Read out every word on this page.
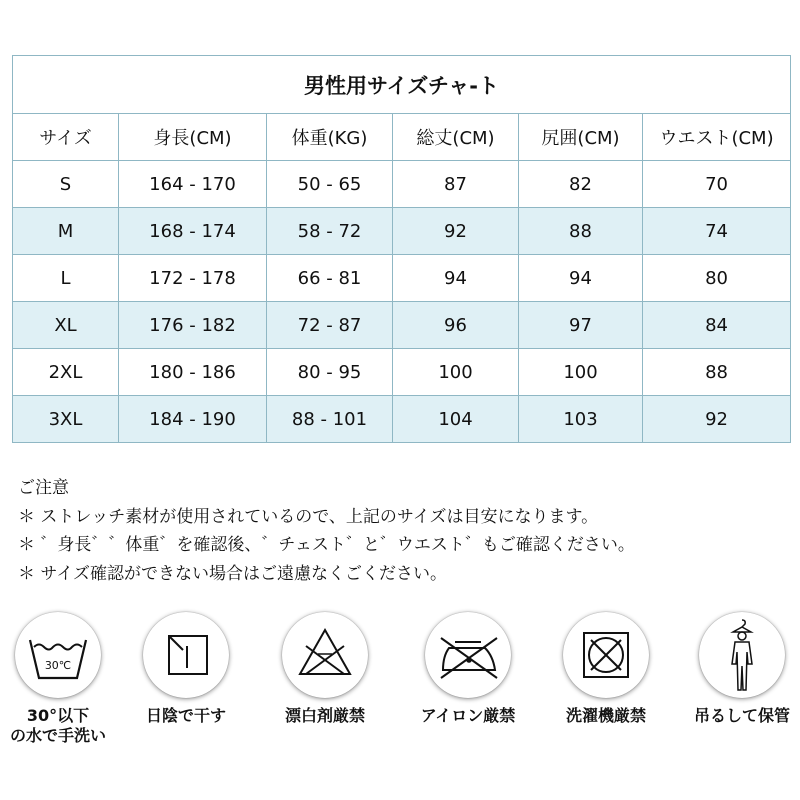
男性用サイズチャ-ト					
サイズ	身長(CM)	体重(KG)	総丈(CM)	尻囲(CM)	ウエスト(CM)
S	164 - 170	50 - 65	87	82	70
M	168 - 174	58 - 72	92	88	74
L	172 - 178	66 - 81	94	94	80
XL	176 - 182	72 - 87	96	97	84
2XL	180 - 186	80 - 95	100	100	88
3XL	184 - 190	88 - 101	104	103	92
ご注意
＊ ストレッチ素材が使用されているので、上記のサイズは目安になります。
＊ ゛身長゛゛体重゛を確認後、゛チェスト゛と゛ウエスト゛もご確認ください。
＊ サイズ確認ができない場合はご遠慮なくごください。
30℃
30°以下
の水で手洗い
日陰で干す	漂白剤厳禁	アイロン厳禁	洗濯機厳禁	吊るして保管
